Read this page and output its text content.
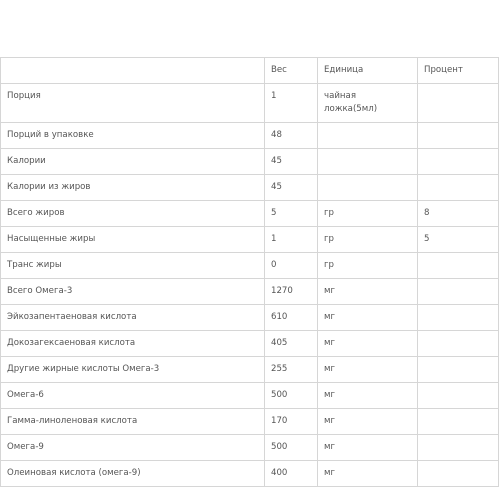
	Вес	Единица	Процент
Порция	1	чайная ложка(5мл)	
Порций в упаковке	48		
Калории	45		
Калории из жиров	45		
Всего жиров	5	гр	8
Насыщенные жиры	1	гр	5
Транс жиры	0	гр	
Всего Омега-3	1270	мг	
Эйкозапентаеновая кислота	610	мг	
Докозагексаеновая кислота	405	мг	
Другие жирные кислоты Омега-3	255	мг	
Омега-6	500	мг	
Гамма-линоленовая кислота	170	мг	
Омега-9	500	мг	
Олеиновая кислота (омега-9)	400	мг	
